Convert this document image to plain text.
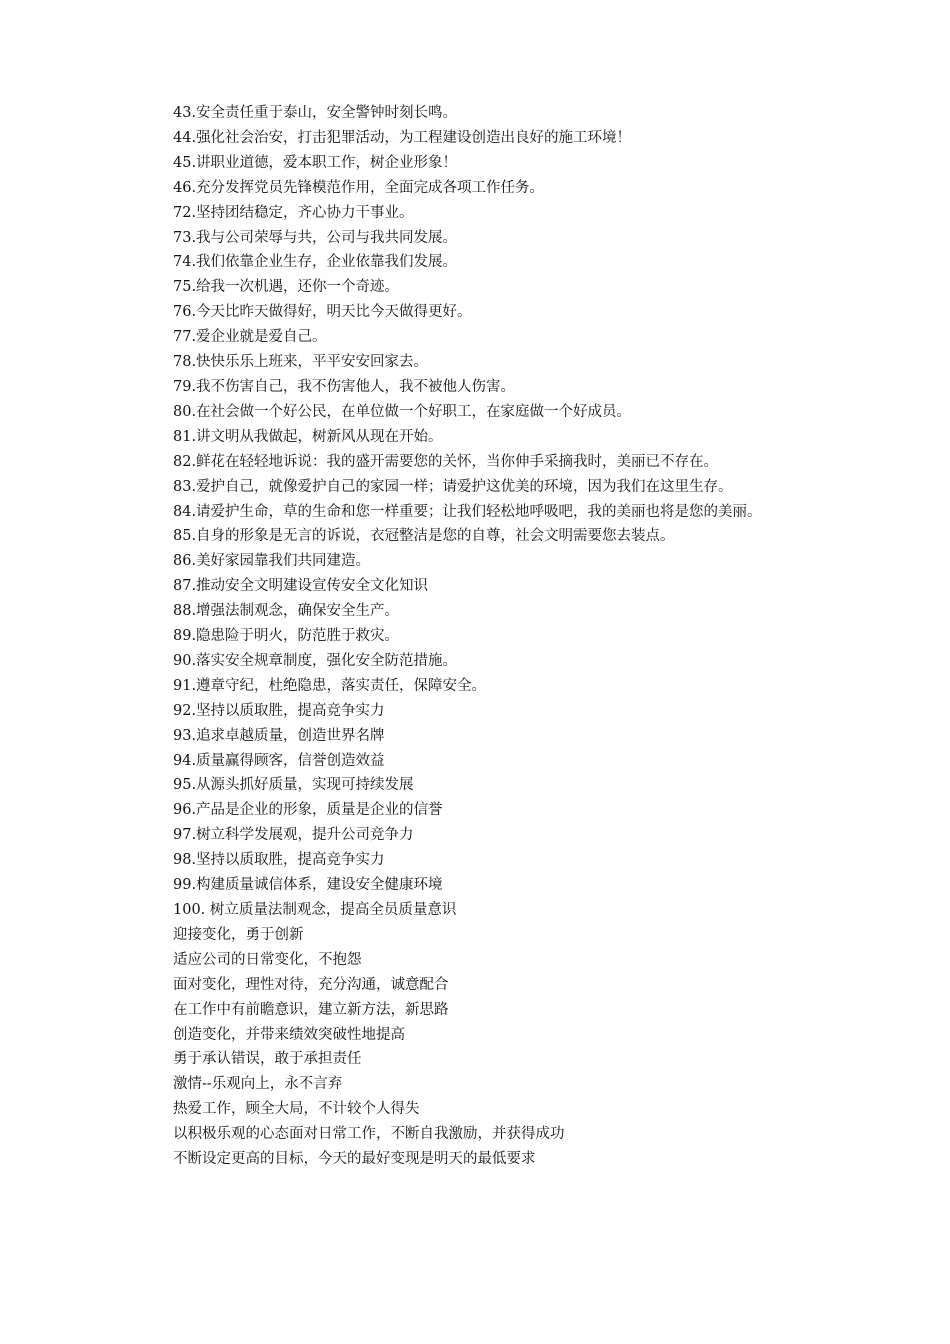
43.安全责任重于泰山，安全警钟时刻长鸣。

44.强化社会治安，打击犯罪活动，为工程建设创造出良好的施工环境！

45.讲职业道德，爱本职工作，树企业形象！

46.充分发挥党员先锋模范作用，全面完成各项工作任务。

72.坚持团结稳定，齐心协力干事业。

73.我与公司荣辱与共，公司与我共同发展。

74.我们依靠企业生存，企业依靠我们发展。

75.给我一次机遇，还你一个奇迹。

76.今天比昨天做得好，明天比今天做得更好。

77.爱企业就是爱自己。

78.快快乐乐上班来，平平安安回家去。

79.我不伤害自己，我不伤害他人，我不被他人伤害。

80.在社会做一个好公民，在单位做一个好职工，在家庭做一个好成员。

81.讲文明从我做起，树新风从现在开始。

82.鲜花在轻轻地诉说：我的盛开需要您的关怀，当你伸手采摘我时，美丽已不存在。

83.爱护自己，就像爱护自己的家园一样；请爱护这优美的环境，因为我们在这里生存。

84.请爱护生命，草的生命和您一样重要；让我们轻松地呼吸吧，我的美丽也将是您的美丽。

85.自身的形象是无言的诉说，衣冠整洁是您的自尊，社会文明需要您去装点。

86.美好家园靠我们共同建造。

87.推动安全文明建设宣传安全文化知识

88.增强法制观念，确保安全生产。

89.隐患险于明火，防范胜于救灾。

90.落实安全规章制度，强化安全防范措施。

91.遵章守纪，杜绝隐患，落实责任，保障安全。

92.坚持以质取胜，提高竞争实力

93.追求卓越质量，创造世界名牌

94.质量赢得顾客，信誉创造效益

95.从源头抓好质量，实现可持续发展

96.产品是企业的形象，质量是企业的信誉

97.树立科学发展观，提升公司竞争力

98.坚持以质取胜，提高竞争实力

99.构建质量诚信体系，建设安全健康环境

100. 树立质量法制观念，提高全员质量意识

迎接变化，勇于创新

适应公司的日常变化，不抱怨

面对变化，理性对待，充分沟通，诚意配合

在工作中有前瞻意识，建立新方法，新思路

创造变化，并带来绩效突破性地提高

勇于承认错误，敢于承担责任

激情--乐观向上，永不言弃

热爱工作，顾全大局，不计较个人得失

以积极乐观的心态面对日常工作，不断自我激励，并获得成功

不断设定更高的目标，今天的最好变现是明天的最低要求
